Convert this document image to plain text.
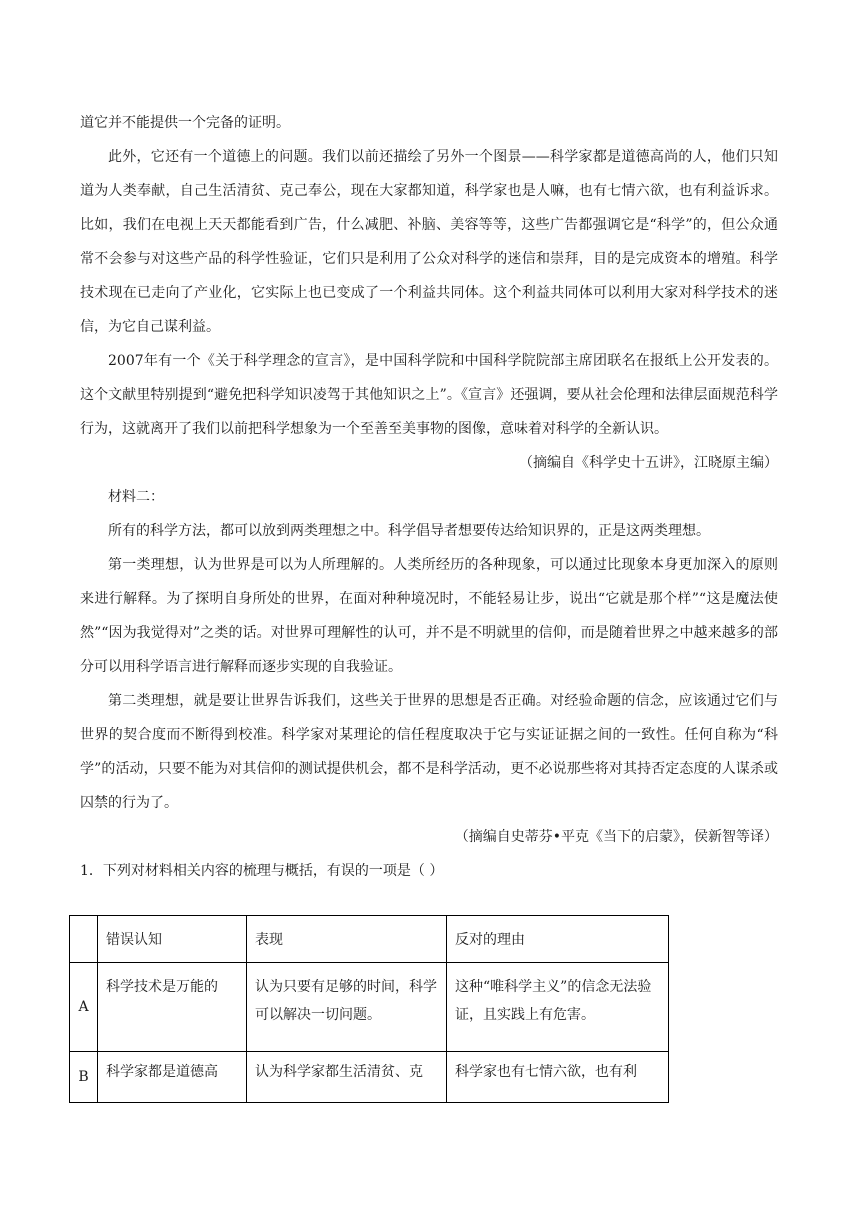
道它并不能提供一个完备的证明。

此外，它还有一个道德上的问题。我们以前还描绘了另外一个图景——科学家都是道德高尚的人，他们只知道为人类奉献，自己生活清贫、克己奉公，现在大家都知道，科学家也是人嘛，也有七情六欲，也有利益诉求。比如，我们在电视上天天都能看到广告，什么减肥、补脑、美容等等，这些广告都强调它是“科学”的，但公众通常不会参与对这些产品的科学性验证，它们只是利用了公众对科学的迷信和崇拜，目的是完成资本的增殖。科学技术现在已走向了产业化，它实际上也已变成了一个利益共同体。这个利益共同体可以利用大家对科学技术的迷信，为它自己谋利益。

2007年有一个《关于科学理念的宣言》，是中国科学院和中国科学院院部主席团联名在报纸上公开发表的。这个文献里特别提到“避免把科学知识凌驾于其他知识之上”。《宣言》还强调，要从社会伦理和法律层面规范科学行为，这就离开了我们以前把科学想象为一个至善至美事物的图像，意味着对科学的全新认识。

（摘编自《科学史十五讲》，江晓原主编）

材料二：

所有的科学方法，都可以放到两类理想之中。科学倡导者想要传达给知识界的，正是这两类理想。

第一类理想，认为世界是可以为人所理解的。人类所经历的各种现象，可以通过比现象本身更加深入的原则来进行解释。为了探明自身所处的世界，在面对种种境况时，不能轻易让步，说出“它就是那个样”“这是魔法使然”“因为我觉得对”之类的话。对世界可理解性的认可，并不是不明就里的信仰，而是随着世界之中越来越多的部分可以用科学语言进行解释而逐步实现的自我验证。

第二类理想，就是要让世界告诉我们，这些关于世界的思想是否正确。对经验命题的信念，应该通过它们与世界的契合度而不断得到校准。科学家对某理论的信任程度取决于它与实证证据之间的一致性。任何自称为“科学”的活动，只要不能为对其信仰的测试提供机会，都不是科学活动，更不必说那些将对其持否定态度的人谋杀或囚禁的行为了。

（摘编自史蒂芬•平克《当下的启蒙》，侯新智等译）

1．下列对材料相关内容的梳理与概括，有误的一项是（ ）

	错误认知	表现	反对的理由
A	科学技术是万能的	认为只要有足够的时间，科学可以解决一切问题。	这种“唯科学主义”的信念无法验证，且实践上有危害。
B	科学家都是道德高	认为科学家都生活清贫、克	科学家也有七情六欲，也有利
